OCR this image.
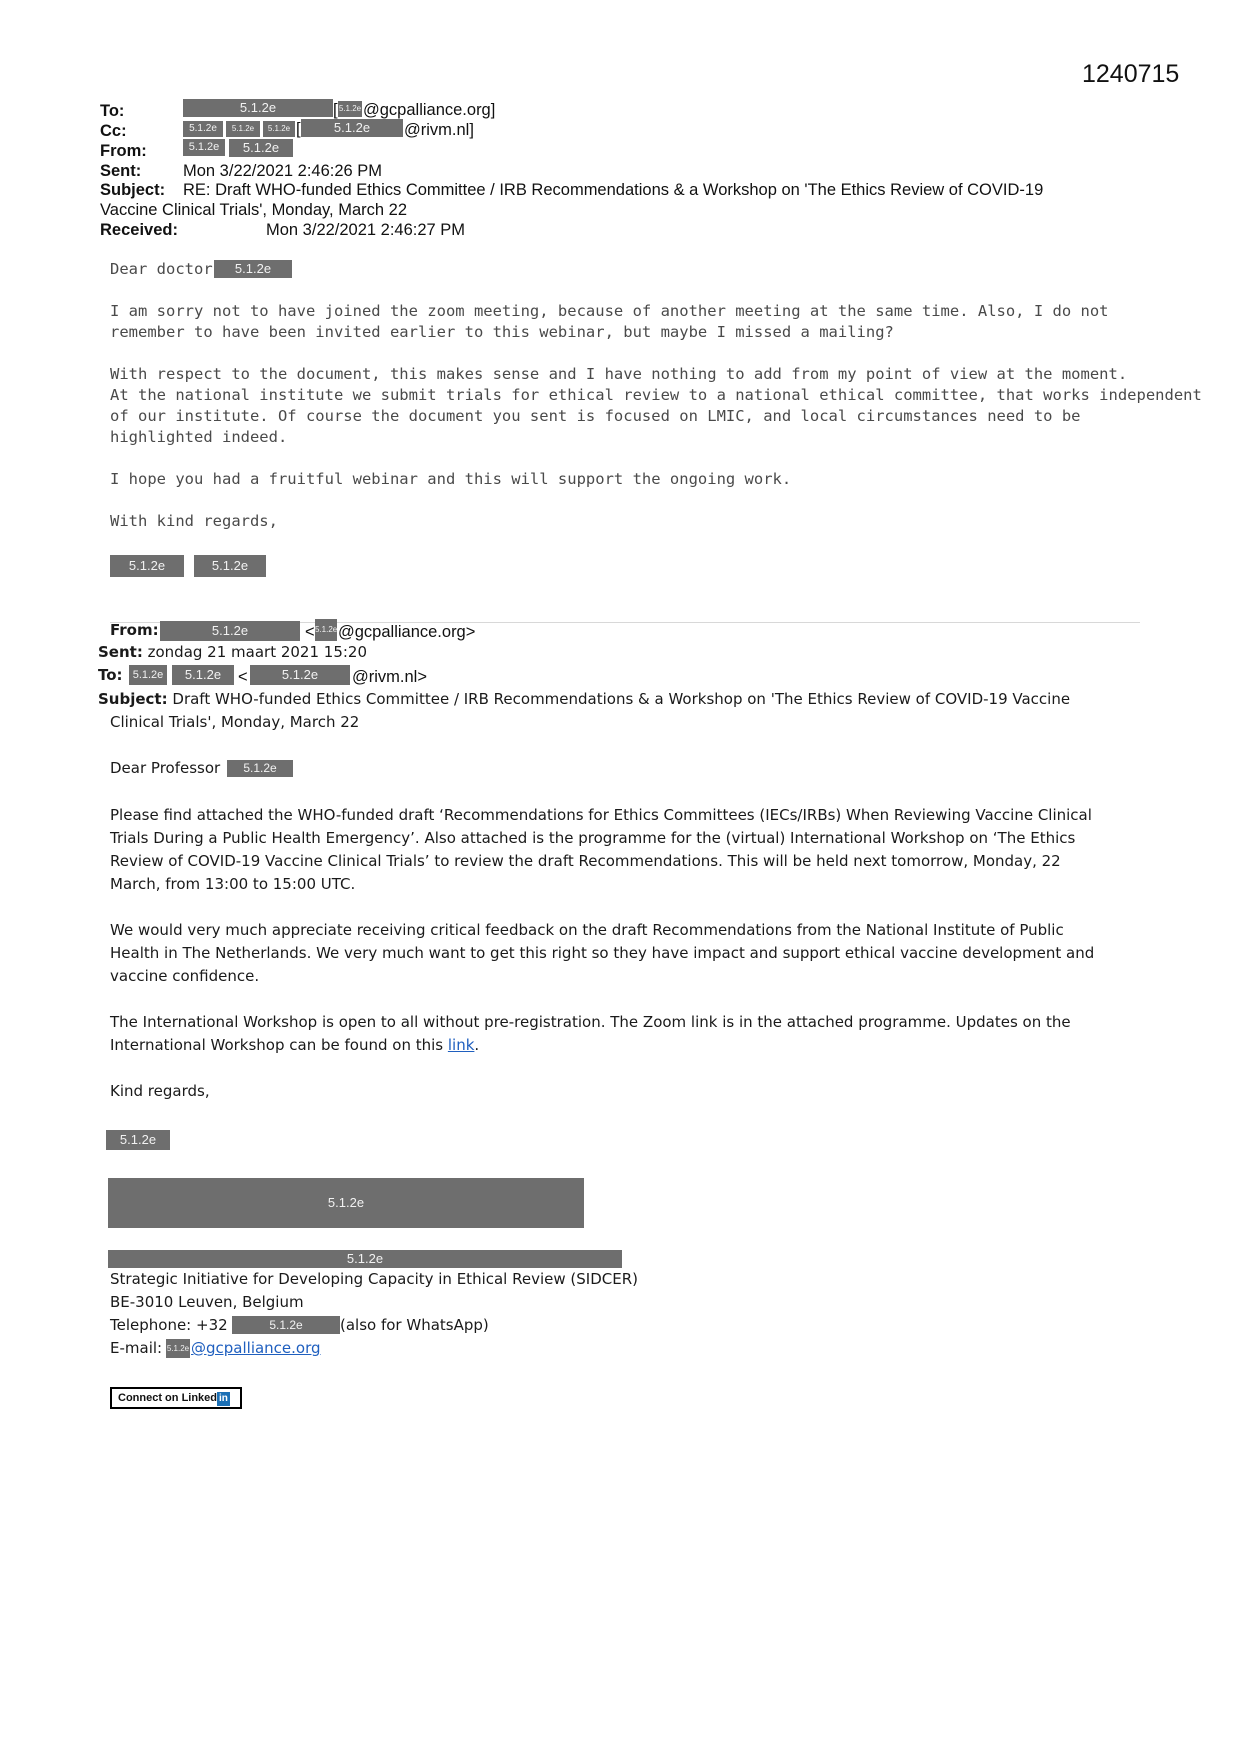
1240715
To:	5.1.2e	[ 5.1.2e @gcpalliance.org]
Cc:	5.1.2e	5.1.2e	5.1.2e [	5.1.2e	@rivm.nl]
From:	5.1.2e	5.1.2e
Sent:	Mon 3/22/2021 2:46:26 PM
Subject: RE: Draft WHO-funded Ethics Committee / IRB Recommendations & a Workshop on 'The Ethics Review of COVID-19
Vaccine Clinical Trials', Monday, March 22
Received:	Mon 3/22/2021 2:46:27 PM
Dear doctor	5.1.2e
I am sorry not to have joined the zoom meeting, because of another meeting at the same time. Also, I do not
remember to have been invited earlier to this webinar, but maybe I missed a mailing?
With respect to the document, this makes sense and I have nothing to add from my point of view at the moment.
At the national institute we submit trials for ethical review to a national ethical committee, that works independent
of our institute. Of course the document you sent is focused on LMIC, and local circumstances need to be
highlighted indeed.
I hope you had a fruitful webinar and this will support the ongoing work.
With kind regards,
5.1.2e	5.1.2e
From:	5.1.2e	< 5.1.2e @gcpalliance.org>
Sent: zondag 21 maart 2021 15:20
To: 5.1.2e	5.1.2e	<	5.1.2e	@rivm.nl>
Subject: Draft WHO-funded Ethics Committee / IRB Recommendations & a Workshop on 'The Ethics Review of COVID-19 Vaccine
Clinical Trials', Monday, March 22
Dear Professor	5.1.2e
Please find attached the WHO-funded draft ‘Recommendations for Ethics Committees (IECs/IRBs) When Reviewing Vaccine Clinical
Trials During a Public Health Emergency’. Also attached is the programme for the (virtual) International Workshop on ‘The Ethics
Review of COVID-19 Vaccine Clinical Trials’ to review the draft Recommendations. This will be held next tomorrow, Monday, 22
March, from 13:00 to 15:00 UTC.
We would very much appreciate receiving critical feedback on the draft Recommendations from the National Institute of Public
Health in The Netherlands. We very much want to get this right so they have impact and support ethical vaccine development and
vaccine confidence.
The International Workshop is open to all without pre-registration. The Zoom link is in the attached programme. Updates on the
International Workshop can be found on this link.
Kind regards,
5.1.2e
5.1.2e
5.1.2e
Strategic Initiative for Developing Capacity in Ethical Review (SIDCER)
BE-3010 Leuven, Belgium
Telephone: +32	5.1.2e	(also for WhatsApp)
E-mail: 5.1.2e @gcpalliance.org
Connect on Linked in
